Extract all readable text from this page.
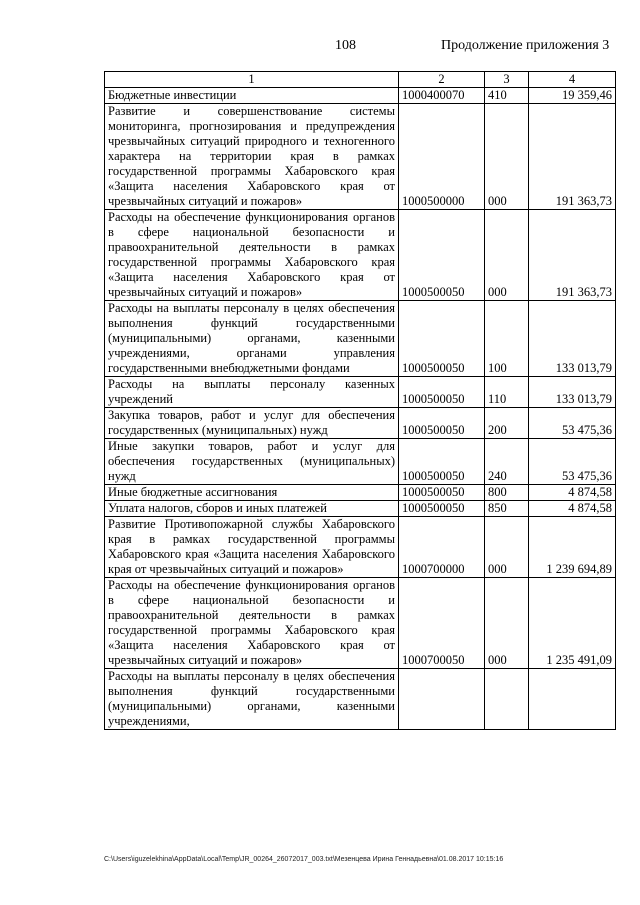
108	Продолжение приложения 3
1	2	3	4
Бюджетные инвестиции	1000400070	410	19 359,46
Развитие и совершенствование системы мониторинга, прогнозирования и предупреждения чрезвычайных ситуаций природного и техногенного характера на территории края в рамках государственной программы Хабаровского края «Защита населения Хабаровского края от чрезвычайных ситуаций и пожаров»	1000500000	000	191 363,73
Расходы на обеспечение функционирования органов в сфере национальной безопасности и правоохранительной деятельности в рамках государственной программы Хабаровского края «Защита населения Хабаровского края от чрезвычайных ситуаций и пожаров»	1000500050	000	191 363,73
Расходы на выплаты персоналу в целях обеспечения выполнения функций государственными (муниципальными) органами, казенными учреждениями, органами управления государственными внебюджетными фондами	1000500050	100	133 013,79
Расходы на выплаты персоналу казенных учреждений	1000500050	110	133 013,79
Закупка товаров, работ и услуг для обеспечения государственных (муниципальных) нужд	1000500050	200	53 475,36
Иные закупки товаров, работ и услуг для обеспечения государственных (муниципальных) нужд	1000500050	240	53 475,36
Иные бюджетные ассигнования	1000500050	800	4 874,58
Уплата налогов, сборов и иных платежей	1000500050	850	4 874,58
Развитие Противопожарной службы Хабаровского края в рамках государственной программы Хабаровского края «Защита населения Хабаровского края от чрезвычайных ситуаций и пожаров»	1000700000	000	1 239 694,89
Расходы на обеспечение функционирования органов в сфере национальной безопасности и правоохранительной деятельности в рамках государственной программы Хабаровского края «Защита населения Хабаровского края от чрезвычайных ситуаций и пожаров»	1000700050	000	1 235 491,09
Расходы на выплаты персоналу в целях обеспечения выполнения функций государственными (муниципальными) органами, казенными учреждениями,			
C:\Users\iguzelekhina\AppData\Local\Temp\JR_00264_26072017_003.txt\Мезенцева Ирина Геннадьевна\01.08.2017 10:15:16
